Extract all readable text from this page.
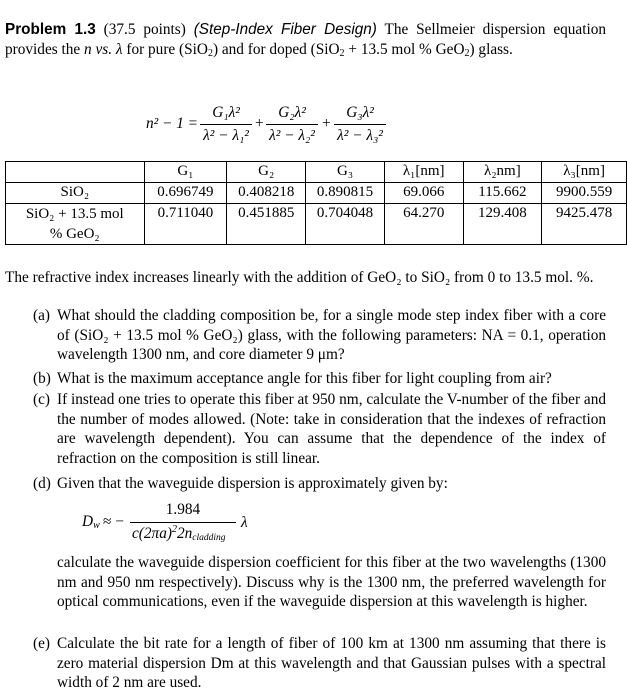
Problem 1.3 (37.5 points) (Step-Index Fiber Design) The Sellmeier dispersion equation provides the n vs. λ for pure (SiO$_2$) and for doped (SiO$_2$ + 13.5 mol % GeO$_2$) glass.
n² − 1 =
G₁λ²
λ² − λ₁²
+
G₂λ²
λ² − λ₂²
+
G₃λ²
λ² − λ₃²
	G₁	G₂	G₃	λ₁[nm]	λ₂nm]	λ₃[nm]
SiO₂	0.696749	0.408218	0.890815	69.066	115.662	9900.559

SiO₂ + 13.5 mol
% GeO₂	0.711040	0.451885	0.704048	64.270	129.408	9425.478
The refractive index increases linearly with the addition of GeO₂ to SiO₂ from 0 to 13.5 mol. %.
(a) What should the cladding composition be, for a single mode step index fiber with a core of (SiO₂ + 13.5 mol % GeO₂) glass, with the following parameters: NA = 0.1, operation wavelength 1300 nm, and core diameter 9 μm?
(b) What is the maximum acceptance angle for this fiber for light coupling from air?
(c) If instead one tries to operate this fiber at 950 nm, calculate the V-number of the fiber and the number of modes allowed. (Note: take in consideration that the indexes of refraction are wavelength dependent). You can assume that the dependence of the index of refraction on the composition is still linear.
(d) Given that the waveguide dispersion is approximately given by:
$D_w$ ≈ −
1.984
$c(2\pi a)^22n_{cladding}$
λ
calculate the waveguide dispersion coefficient for this fiber at the two wavelengths (1300 nm and 950 nm respectively). Discuss why is the 1300 nm, the preferred wavelength for optical communications, even if the waveguide dispersion at this wavelength is higher.
(e) Calculate the bit rate for a length of fiber of 100 km at 1300 nm assuming that there is zero material dispersion Dm at this wavelength and that Gaussian pulses with a spectral width of 2 nm are used.
